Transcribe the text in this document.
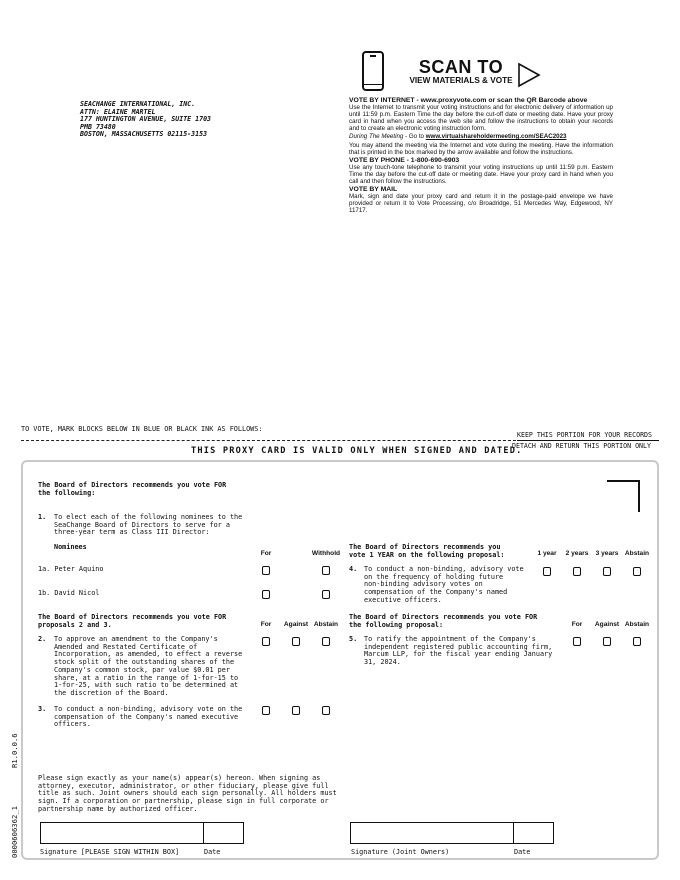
SEACHANGE INTERNATIONAL, INC.
ATTN: ELAINE MARTEL
177 HUNTINGTON AVENUE, SUITE 1703
PMB 73480
BOSTON, MASSACHUSETTS 02115-3153
SCAN TO
VIEW MATERIALS & VOTE
VOTE BY INTERNET - www.proxyvote.com or scan the QR Barcode above

Use the Internet to transmit your voting instructions and for electronic delivery of information up until 11:59 p.m. Eastern Time the day before the cut-off date or meeting date. Have your proxy card in hand when you access the web site and follow the instructions to obtain your records and to create an electronic voting instruction form.

During The Meeting - Go to www.virtualshareholdermeeting.com/SEAC2023

You may attend the meeting via the Internet and vote during the meeting. Have the information that is printed in the box marked by the arrow available and follow the instructions.

VOTE BY PHONE - 1-800-690-6903

Use any touch-tone telephone to transmit your voting instructions up until 11:59 p.m. Eastern Time the day before the cut-off date or meeting date. Have your proxy card in hand when you call and then follow the instructions.

VOTE BY MAIL

Mark, sign and date your proxy card and return it in the postage-paid envelope we have provided or return it to Vote Processing, c/o Broadridge, 51 Mercedes Way, Edgewood, NY 11717.

TO VOTE, MARK BLOCKS BELOW IN BLUE OR BLACK INK AS FOLLOWS:
KEEP THIS PORTION FOR YOUR RECORDS
THIS PROXY CARD IS VALID ONLY WHEN SIGNED AND DATED.
DETACH AND RETURN THIS PORTION ONLY
The Board of Directors recommends you vote FOR
the following:
1. To elect each of the following nominees to the
SeaChange Board of Directors to serve for a
three-year term as Class III Director:
Nominees
For	Withhold
1a. Peter Aquino
1b. David Nicol
The Board of Directors recommends you vote FOR
proposals 2 and 3.	For	Against Abstain
2. To approve an amendment to the Company's
Amended and Restated Certificate of
Incorporation, as amended, to effect a reverse
stock split of the outstanding shares of the
Company's common stock, par value $0.01 per
share, at a ratio in the range of 1-for-15 to
1-for-25, with such ratio to be determined at
the discretion of the Board.
3. To conduct a non-binding, advisory vote on the
compensation of the Company's named executive
officers.
The Board of Directors recommends you
vote 1 YEAR on the following proposal:	1 year	2 years	3 years Abstain
4. To conduct a non-binding, advisory vote
on the frequency of holding future
non-binding advisory votes on
compensation of the Company's named
executive officers.
The Board of Directors recommends you vote FOR
the following proposal:	For	Against Abstain
5. To ratify the appointment of the Company's
independent registered public accounting firm,
Marcum LLP, for the fiscal year ending January
31, 2024.
Please sign exactly as your name(s) appear(s) hereon. When signing as
attorney, executor, administrator, or other fiduciary, please give full
title as such. Joint owners should each sign personally. All holders must
sign. If a corporation or partnership, please sign in full corporate or
partnership name by authorized officer.
Signature [PLEASE SIGN WITHIN BOX]	Date	Signature (Joint Owners)	Date
0000606362_1
R1.0.0.6
